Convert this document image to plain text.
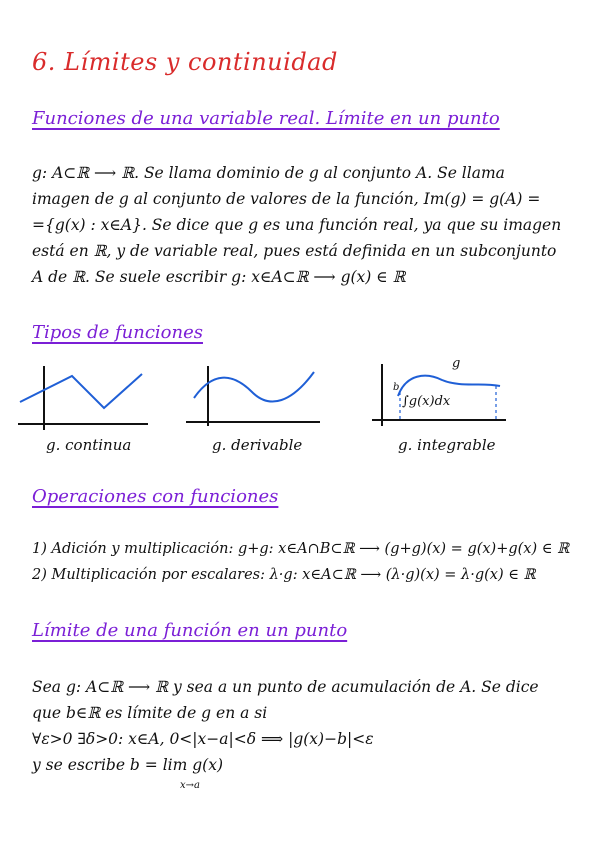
6. Límites y continuidad
Funciones de una variable real. Límite en un punto
g: A⊂ℝ ⟶ ℝ. Se llama dominio de g al conjunto A. Se llama
imagen de g al conjunto de valores de la función, Im(g) = g(A) =
={g(x) : x∈A}. Se dice que g es una función real, ya que su imagen
está en ℝ, y de variable real, pues está definida en un subconjunto
A de ℝ. Se suele escribir g: x∈A⊂ℝ ⟶ g(x) ∈ ℝ
Tipos de funciones
g. continua	g. derivable
g
b
∫g(x)dx
g. integrable
Operaciones con funciones
1) Adición y multiplicación: g+g: x∈A∩B⊂ℝ ⟶ (g+g)(x) = g(x)+g(x) ∈ ℝ
2) Multiplicación por escalares: λ·g: x∈A⊂ℝ ⟶ (λ·g)(x) = λ·g(x) ∈ ℝ
Límite de una función en un punto
Sea g: A⊂ℝ ⟶ ℝ y sea a un punto de acumulación de A. Se dice
que b∈ℝ es límite de g en a si
∀ε>0 ∃δ>0: x∈A, 0<|x−a|<δ ⟹ |g(x)−b|<ε
y se escribe b = lim g(x)
x→a
